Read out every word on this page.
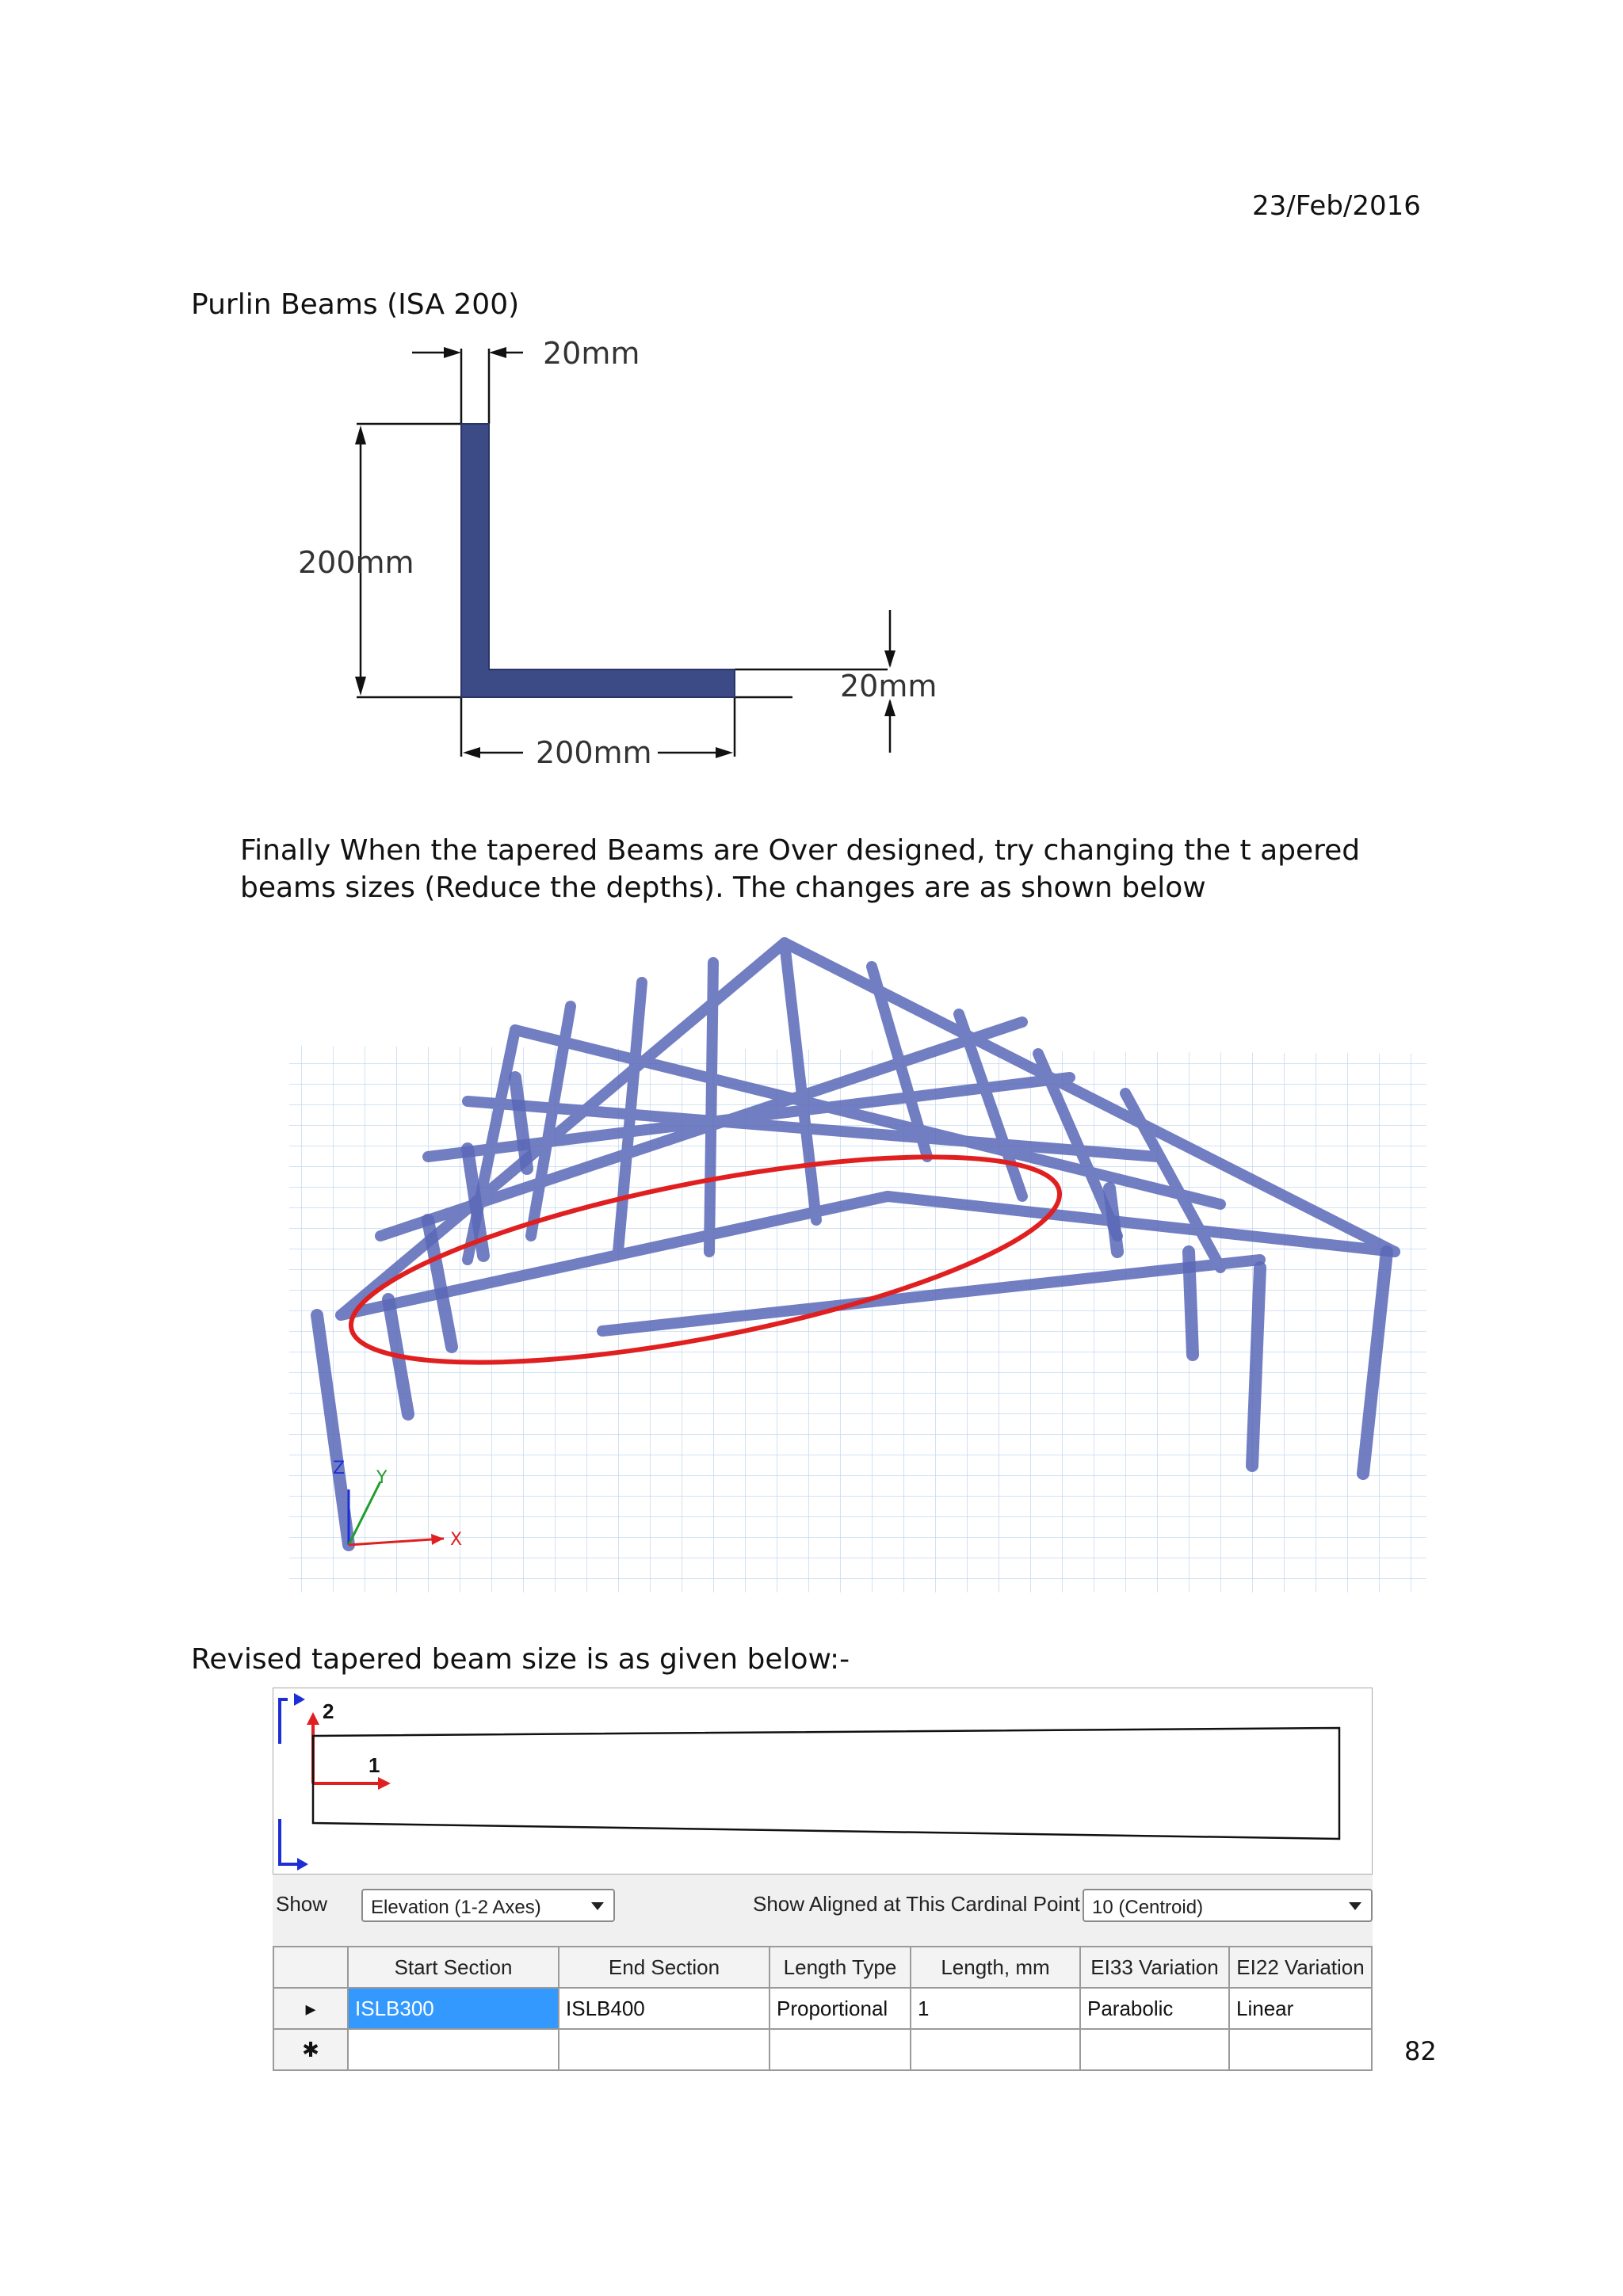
23/Feb/2016
Purlin Beams (ISA 200)
20mm
200mm
20mm
200mm
Finally When the tapered Beams are Over designed, try changing the t apered beams sizes (Reduce the depths). The changes are as shown below
Z Y
X
Revised tapered beam size is as given below:-
2
1
Show	Elevation (1-2 Axes)	Show Aligned at This Cardinal Point 10 (Centroid)
	Start Section	End Section	Length Type	Length, mm	EI33 Variation	EI22 Variation
▸	ISLB300	ISLB400	Proportional	1	Parabolic	Linear
✱							82
